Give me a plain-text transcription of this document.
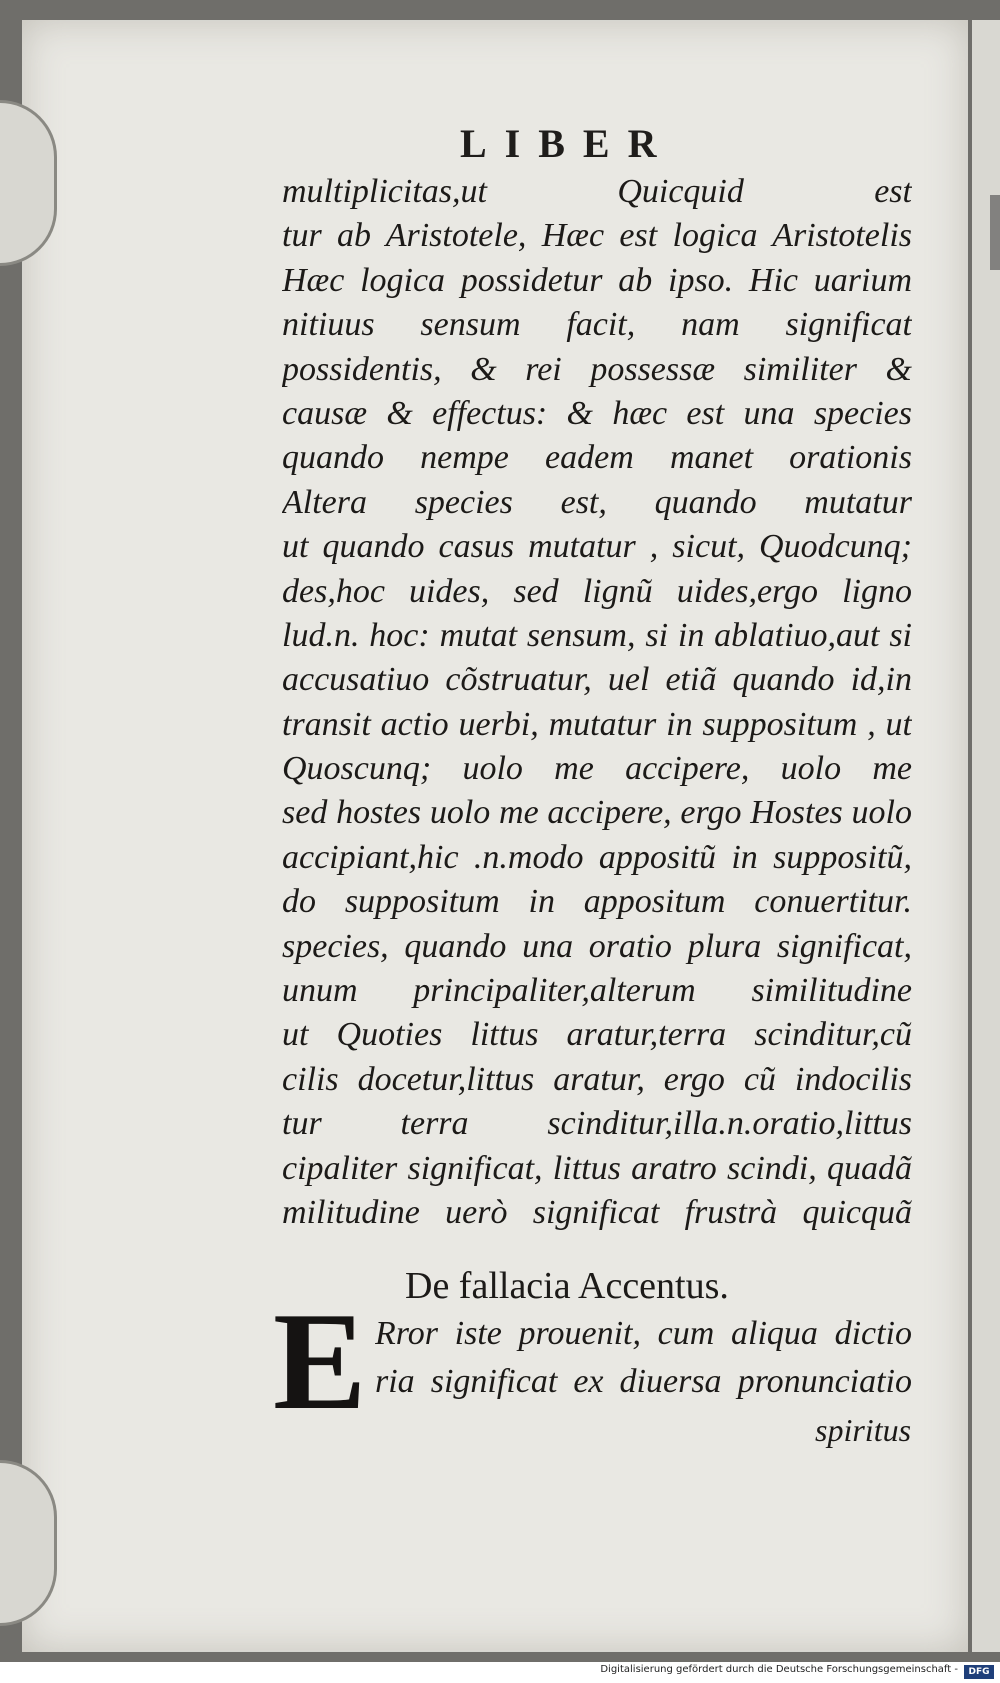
LIBER
multiplicitas,ut Quicquid est
tur ab Aristotele, Hæc est logica Aristotelis
Hæc logica possidetur ab ipso. Hic uarium
nitiuus sensum facit, nam significat
possidentis, & rei possessæ similiter &
causæ & effectus: & hæc est una species
quando nempe eadem manet orationis
Altera species est, quando mutatur
ut quando casus mutatur , sicut, Quodcunq;
des,hoc uides, sed lignũ uides,ergo ligno
lud.n. hoc: mutat sensum, si in ablatiuo,aut si
accusatiuo cõstruatur, uel etiã quando id,in
transit actio uerbi, mutatur in suppositum , ut
Quoscunq; uolo me accipere, uolo me
sed hostes uolo me accipere, ergo Hostes uolo
accipiant,hic .n.modo appositũ in suppositũ,
do suppositum in appositum conuertitur.
species, quando una oratio plura significat,
unum principaliter,alterum similitudine
ut Quoties littus aratur,terra scinditur,cũ
cilis docetur,littus aratur, ergo cũ indocilis
tur terra scinditur,illa.n.oratio,littus
cipaliter significat, littus aratro scindi, quadã
militudine uerò significat frustrà quicquã
De fallacia Accentus.
E Rror iste prouenit, cum aliqua dictio
ria significat ex diuersa pronunciatio
spiritus
Digitalisierung gefördert durch die Deutsche Forschungsgemeinschaft -	DFG
